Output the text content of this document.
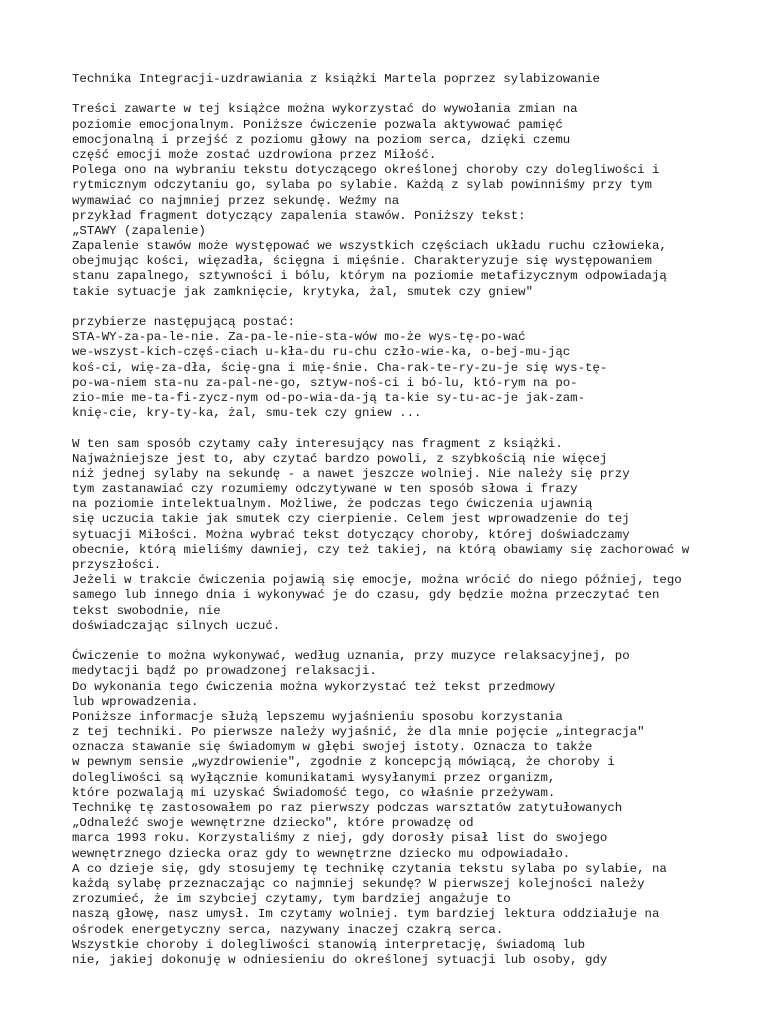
Technika Integracji-uzdrawiania z książki Martela poprzez sylabizowanie
Treści zawarte w tej książce można wykorzystać do wywołania zmian na
poziomie emocjonalnym. Poniższe ćwiczenie pozwala aktywować pamięć
emocjonalną i przejść z poziomu głowy na poziom serca, dzięki czemu
część emocji może zostać uzdrowiona przez Miłość.
Polega ono na wybraniu tekstu dotyczącego określonej choroby czy dolegliwości i
rytmicznym odczytaniu go, sylaba po sylabie. Każdą z sylab powinniśmy przy tym
wymawiać co najmniej przez sekundę. Weźmy na
przykład fragment dotyczący zapalenia stawów. Poniższy tekst:
„STAWY (zapalenie)
Zapalenie stawów może występować we wszystkich częściach układu ruchu człowieka,
obejmując kości, więzadła, ścięgna i mięśnie. Charakteryzuje się występowaniem
stanu zapalnego, sztywności i bólu, którym na poziomie metafizycznym odpowiadają
takie sytuacje jak zamknięcie, krytyka, żal, smutek czy gniew"
przybierze następującą postać:
STA-WY-za-pa-le-nie. Za-pa-le-nie-sta-wów mo-że wys-tę-po-wać
we-wszyst-kich-częś-ciach u-kła-du ru-chu czło-wie-ka, o-bej-mu-jąc
koś-ci, wię-za-dła, ścię-gna i mię-śnie. Cha-rak-te-ry-zu-je się wys-tę-
po-wa-niem sta-nu za-pal-ne-go, sztyw-noś-ci i bó-lu, któ-rym na po-
zio-mie me-ta-fi-zycz-nym od-po-wia-da-ją ta-kie sy-tu-ac-je jak-zam-
knię-cie, kry-ty-ka, żal, smu-tek czy gniew ...
W ten sam sposób czytamy cały interesujący nas fragment z książki.
Najważniejsze jest to, aby czytać bardzo powoli, z szybkością nie więcej
niż jednej sylaby na sekundę - a nawet jeszcze wolniej. Nie należy się przy
tym zastanawiać czy rozumiemy odczytywane w ten sposób słowa i frazy
na poziomie intelektualnym. Możliwe, że podczas tego ćwiczenia ujawnią
się uczucia takie jak smutek czy cierpienie. Celem jest wprowadzenie do tej
sytuacji Miłości. Można wybrać tekst dotyczący choroby, której doświadczamy
obecnie, którą mieliśmy dawniej, czy też takiej, na którą obawiamy się zachorować w
przyszłości.
Jeżeli w trakcie ćwiczenia pojawią się emocje, można wrócić do niego później, tego
samego lub innego dnia i wykonywać je do czasu, gdy będzie można przeczytać ten
tekst swobodnie, nie
doświadczając silnych uczuć.
Ćwiczenie to można wykonywać, według uznania, przy muzyce relaksacyjnej, po
medytacji bądź po prowadzonej relaksacji.
Do wykonania tego ćwiczenia można wykorzystać też tekst przedmowy
lub wprowadzenia.
Poniższe informacje służą lepszemu wyjaśnieniu sposobu korzystania
z tej techniki. Po pierwsze należy wyjaśnić, że dla mnie pojęcie „integracja"
oznacza stawanie się świadomym w głębi swojej istoty. Oznacza to także
w pewnym sensie „wyzdrowienie", zgodnie z koncepcją mówiącą, że choroby i
dolegliwości są wyłącznie komunikatami wysyłanymi przez organizm,
które pozwalają mi uzyskać Świadomość tego, co właśnie przeżywam.
Technikę tę zastosowałem po raz pierwszy podczas warsztatów zatytułowanych
„Odnaleźć swoje wewnętrzne dziecko", które prowadzę od
marca 1993 roku. Korzystaliśmy z niej, gdy dorosły pisał list do swojego
wewnętrznego dziecka oraz gdy to wewnętrzne dziecko mu odpowiadało.
A co dzieje się, gdy stosujemy tę technikę czytania tekstu sylaba po sylabie, na
każdą sylabę przeznaczając co najmniej sekundę? W pierwszej kolejności należy
zrozumieć, że im szybciej czytamy, tym bardziej angażuje to
naszą głowę, nasz umysł. Im czytamy wolniej. tym bardziej lektura oddziałuje na
ośrodek energetyczny serca, nazywany inaczej czakrą serca.
Wszystkie choroby i dolegliwości stanowią interpretację, świadomą lub
nie, jakiej dokonuję w odniesieniu do określonej sytuacji lub osoby, gdy
